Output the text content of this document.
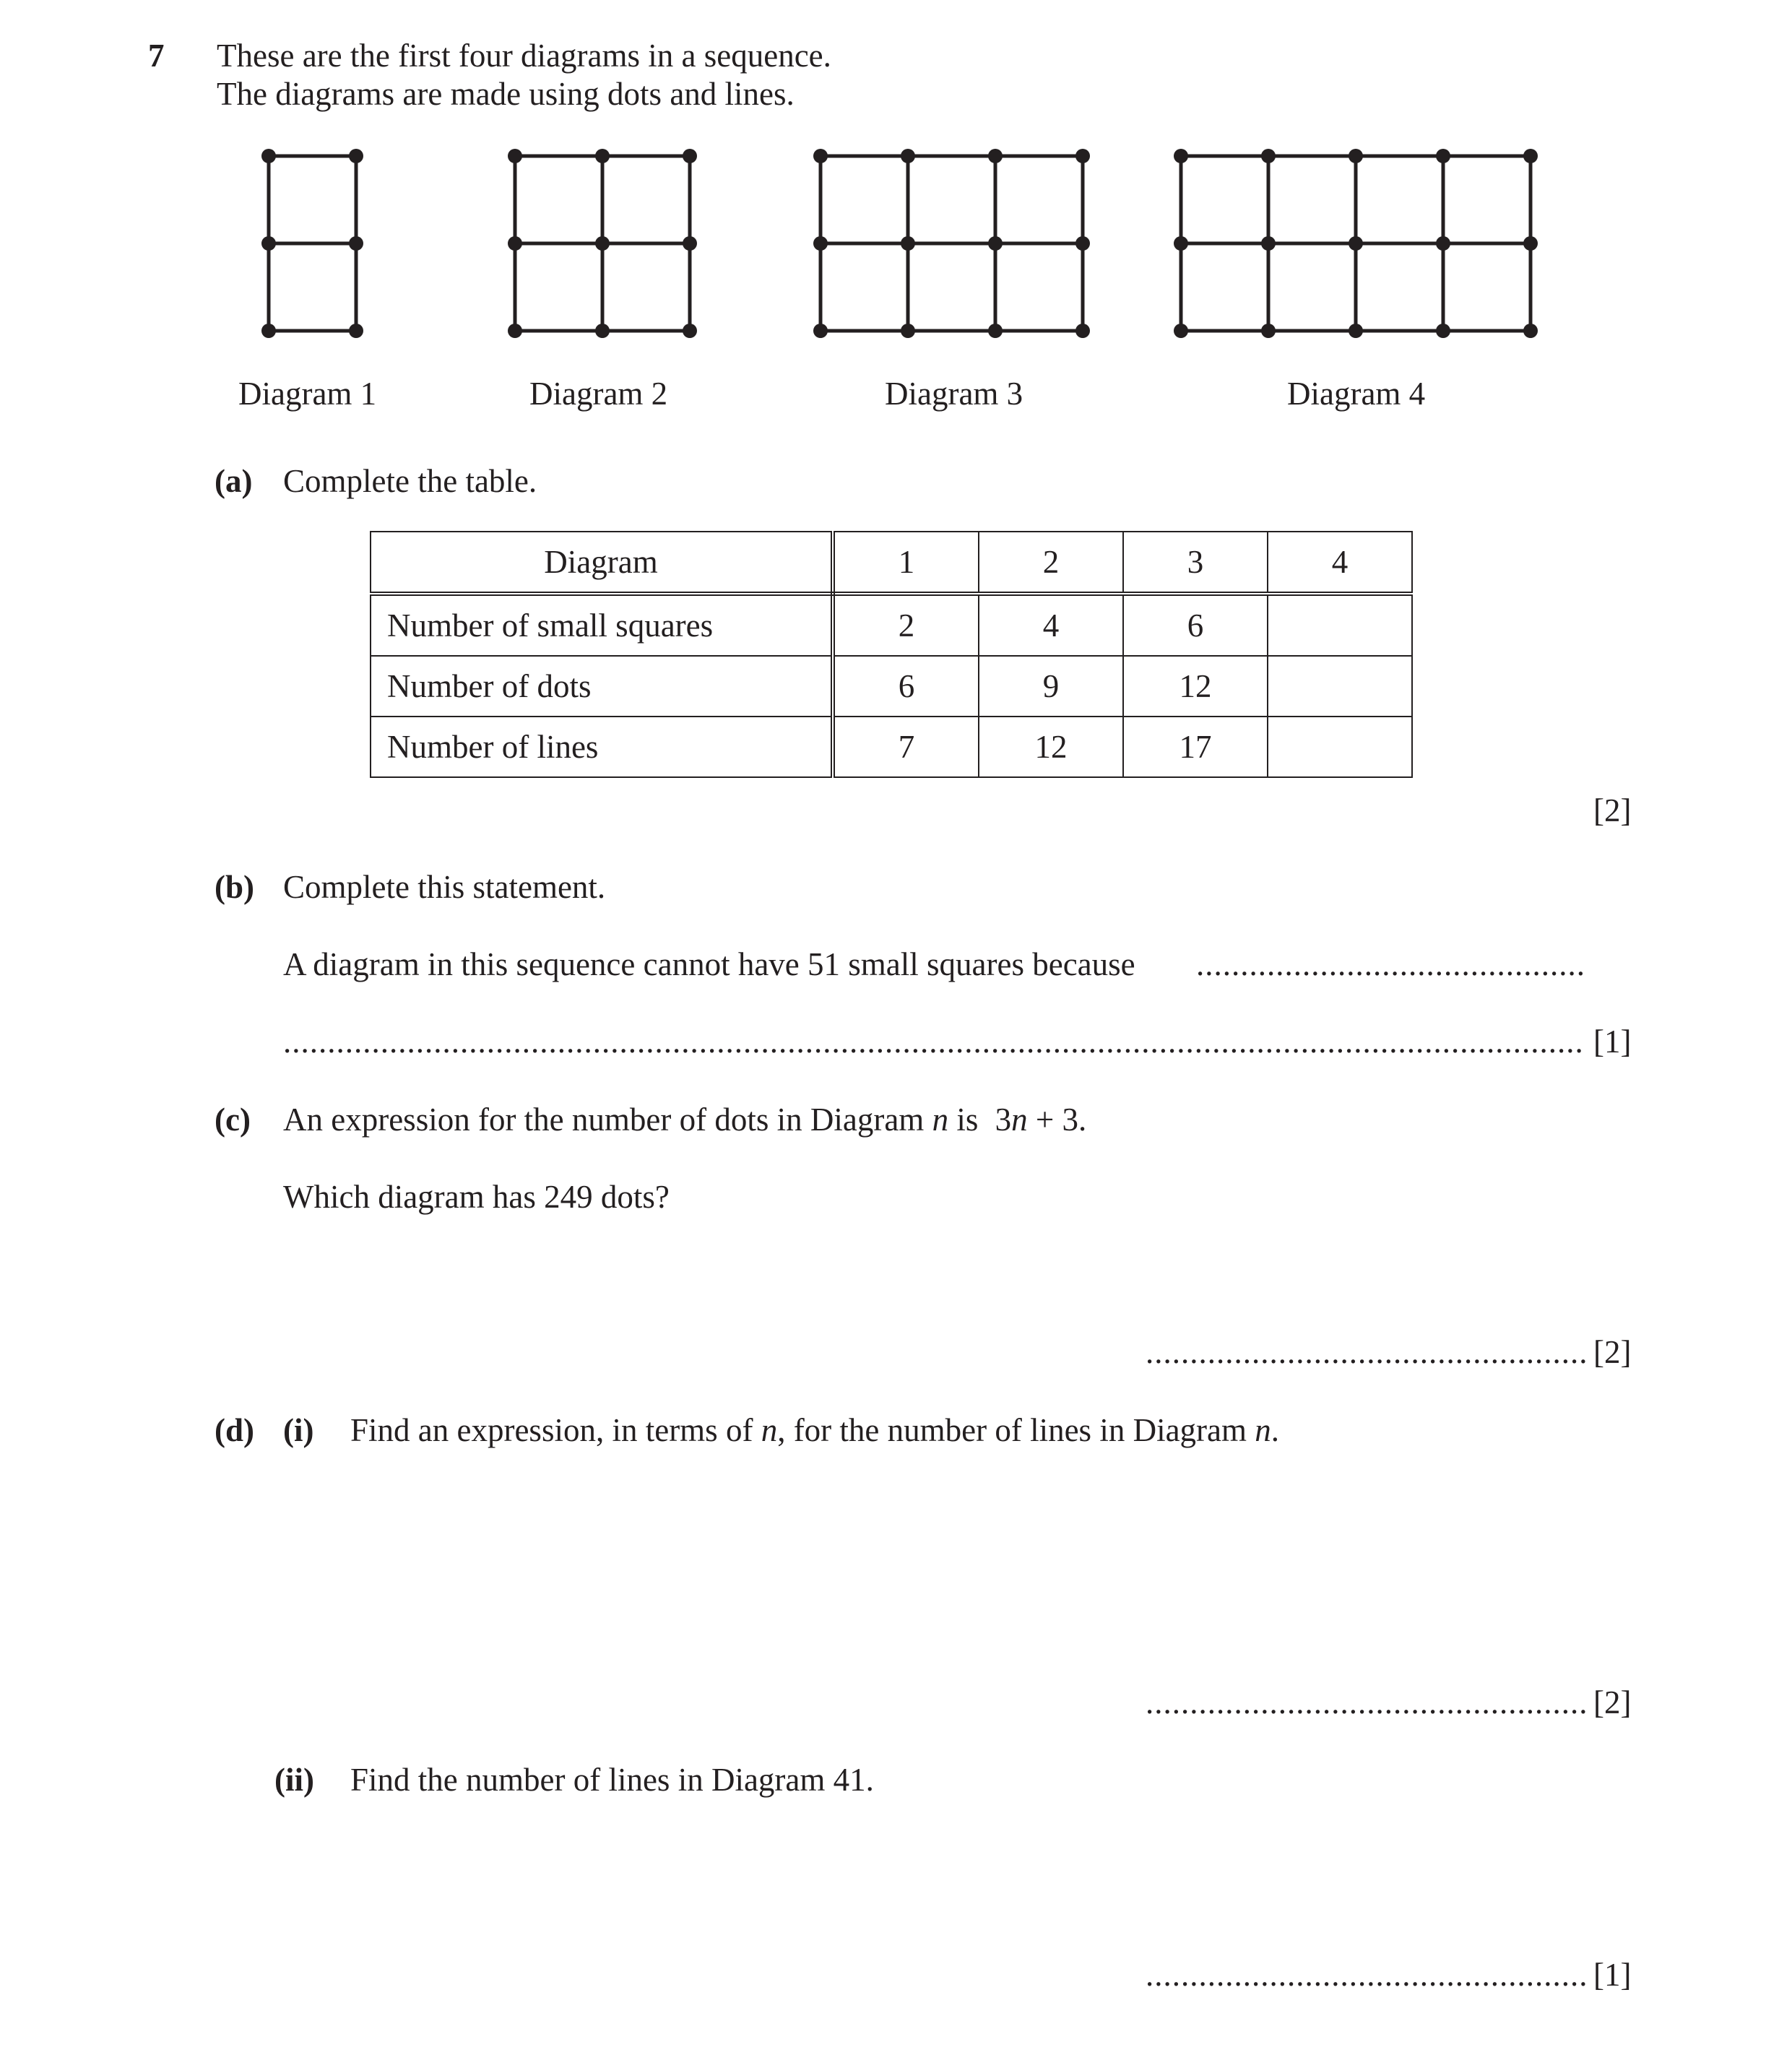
7 These are the first four diagrams in a sequence.
The diagrams are made using dots and lines.
Diagram 1	Diagram 2	Diagram 3	Diagram 4
(a) Complete the table.
Diagram	1	2	3	4
Number of small squares	2	4	6	
Number of dots	6	9	12	
Number of lines	7	12	17	
[2]
(b) Complete this statement.
A diagram in this sequence cannot have 51 small squares because ............................................
................................................................................................................................................... [1]
(c) An expression for the number of dots in Diagram n is 3n + 3.
Which diagram has 249 dots?
.................................................. [2]
(d) (i) Find an expression, in terms of n, for the number of lines in Diagram n.
.................................................. [2]
(ii) Find the number of lines in Diagram 41.
.................................................. [1]
